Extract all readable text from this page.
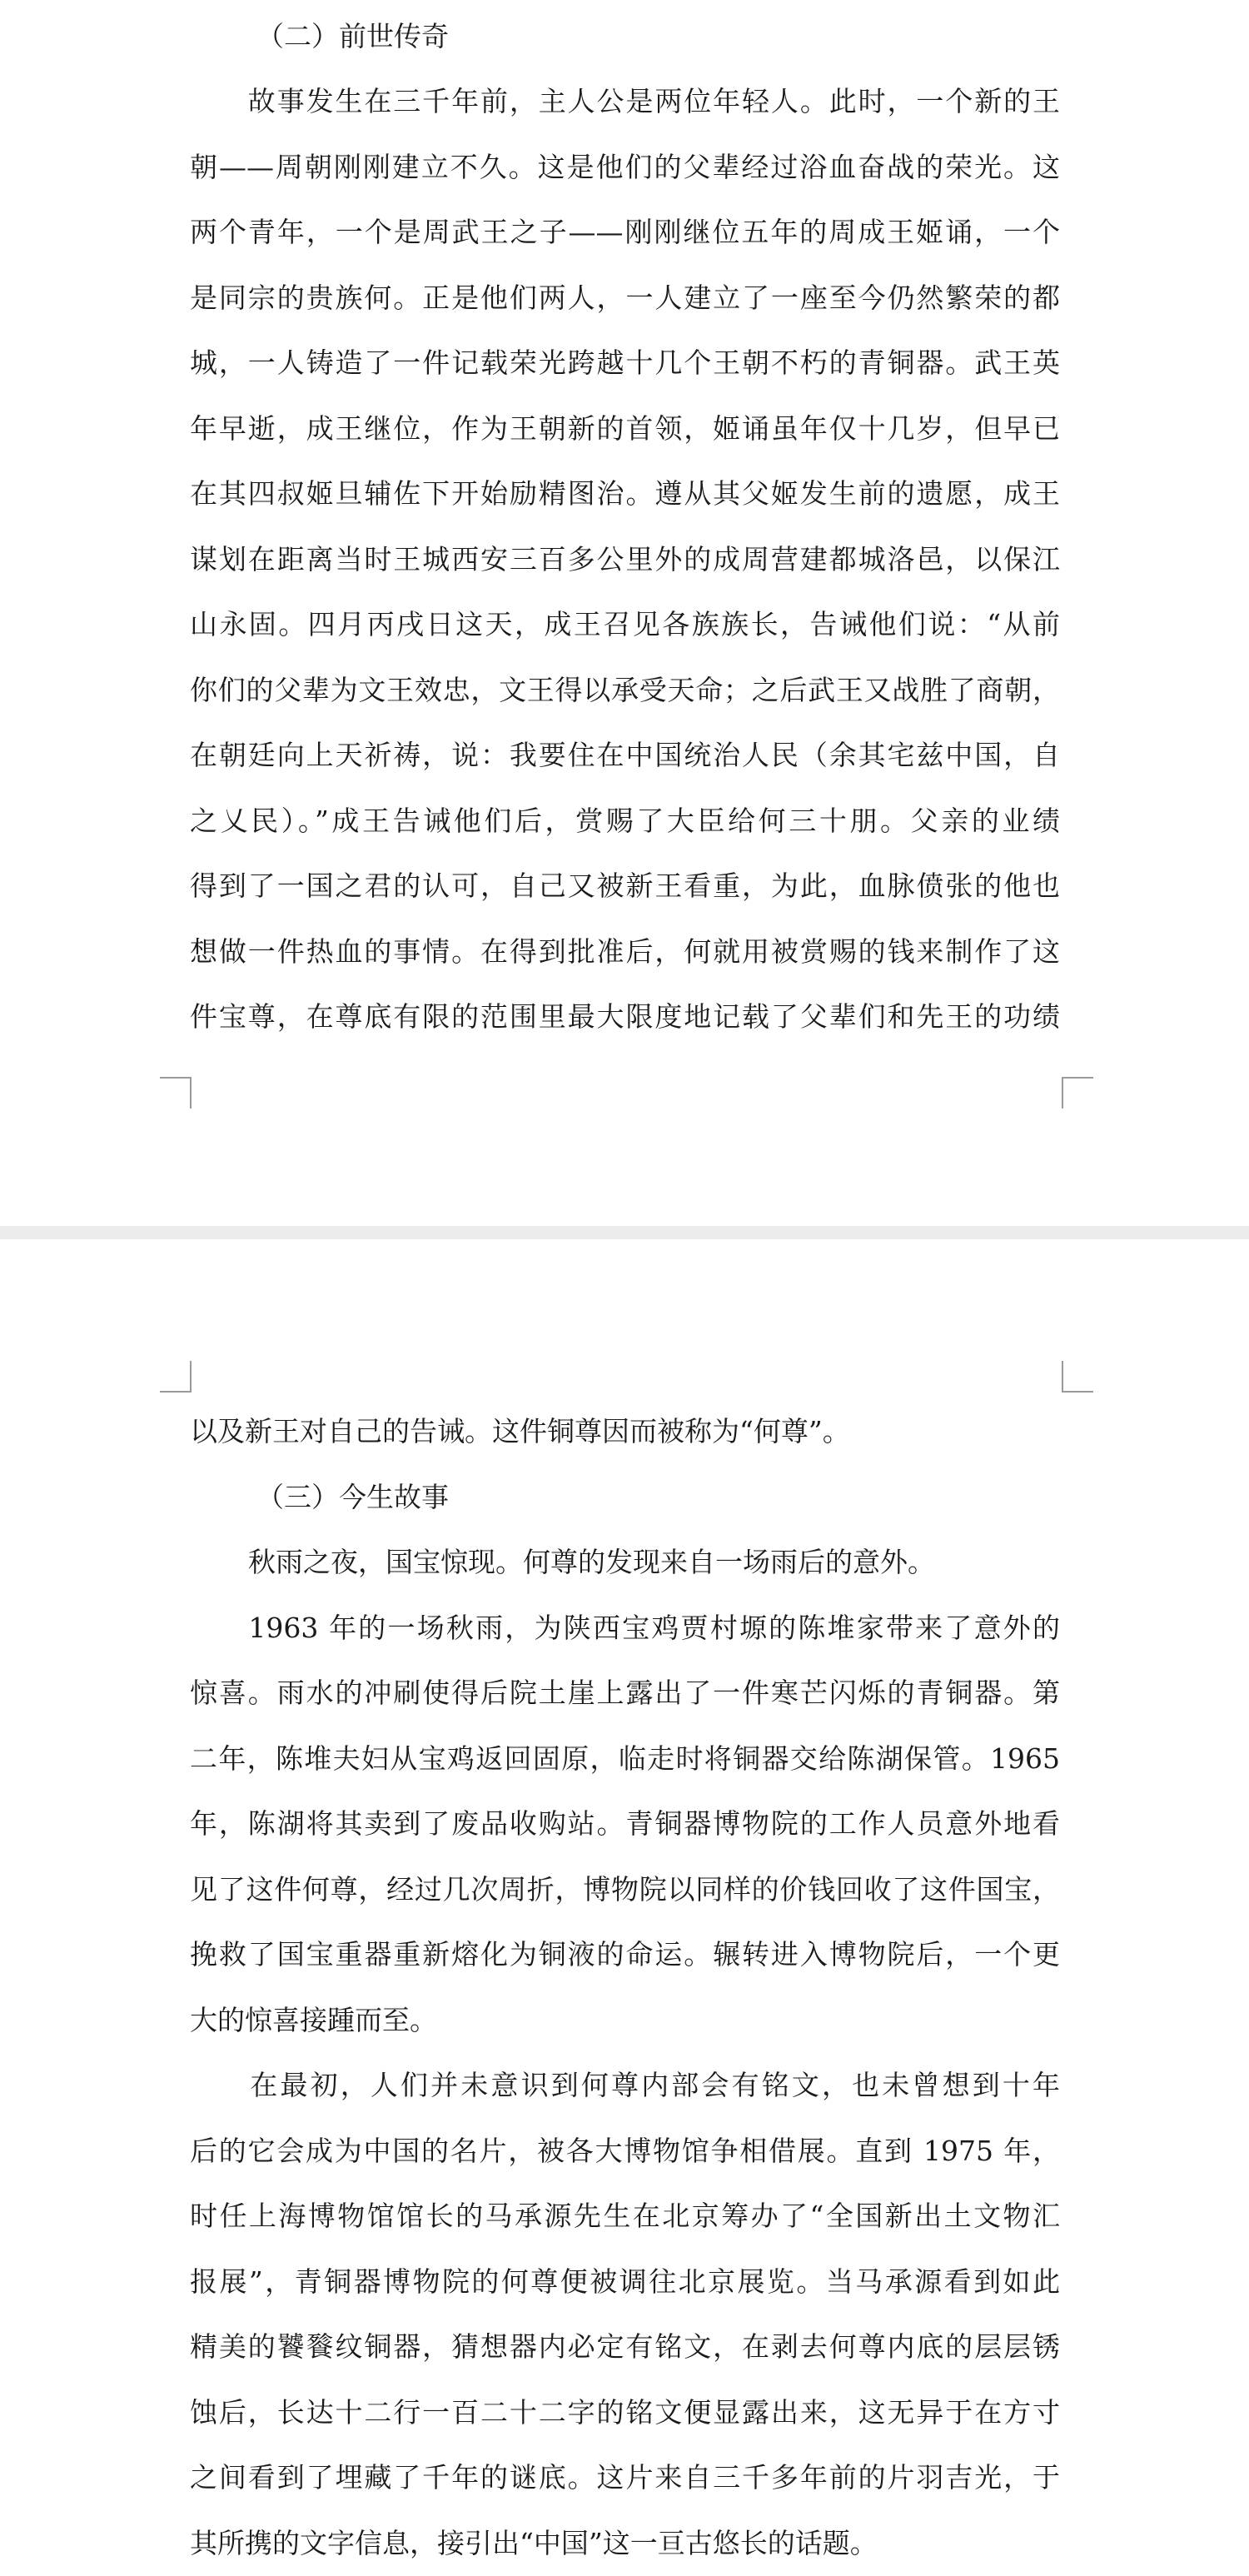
（二）前世传奇
　　故事发生在三千年前，主人公是两位年轻人。此时，一个新的王
朝——周朝刚刚建立不久。这是他们的父辈经过浴血奋战的荣光。这
两个青年，一个是周武王之子——刚刚继位五年的周成王姬诵，一个
是同宗的贵族何。正是他们两人，一人建立了一座至今仍然繁荣的都
城，一人铸造了一件记载荣光跨越十几个王朝不朽的青铜器。武王英
年早逝，成王继位，作为王朝新的首领，姬诵虽年仅十几岁，但早已
在其四叔姬旦辅佐下开始励精图治。遵从其父姬发生前的遗愿，成王
谋划在距离当时王城西安三百多公里外的成周营建都城洛邑，以保江
山永固。四月丙戌日这天，成王召见各族族长，告诫他们说：“从前
你们的父辈为文王效忠，文王得以承受天命；之后武王又战胜了商朝，
在朝廷向上天祈祷，说：我要住在中国统治人民（余其宅兹中国，自
之乂民）。”成王告诫他们后，赏赐了大臣给何三十朋。父亲的业绩
得到了一国之君的认可，自己又被新王看重，为此，血脉偾张的他也
想做一件热血的事情。在得到批准后，何就用被赏赐的钱来制作了这
件宝尊，在尊底有限的范围里最大限度地记载了父辈们和先王的功绩
以及新王对自己的告诫。这件铜尊因而被称为“何尊”。
（三）今生故事
秋雨之夜，国宝惊现。何尊的发现来自一场雨后的意外。
　　1963 年的一场秋雨，为陕西宝鸡贾村塬的陈堆家带来了意外的
惊喜。雨水的冲刷使得后院土崖上露出了一件寒芒闪烁的青铜器。第
二年，陈堆夫妇从宝鸡返回固原，临走时将铜器交给陈湖保管。1965
年，陈湖将其卖到了废品收购站。青铜器博物院的工作人员意外地看
见了这件何尊，经过几次周折，博物院以同样的价钱回收了这件国宝，
挽救了国宝重器重新熔化为铜液的命运。辗转进入博物院后，一个更
大的惊喜接踵而至。
　　在最初，人们并未意识到何尊内部会有铭文，也未曾想到十年
后的它会成为中国的名片，被各大博物馆争相借展。直到 1975 年，
时任上海博物馆馆长的马承源先生在北京筹办了“全国新出土文物汇
报展”，青铜器博物院的何尊便被调往北京展览。当马承源看到如此
精美的饕餮纹铜器，猜想器内必定有铭文，在剥去何尊内底的层层锈
蚀后，长达十二行一百二十二字的铭文便显露出来，这无异于在方寸
之间看到了埋藏了千年的谜底。这片来自三千多年前的片羽吉光，于
其所携的文字信息，接引出“中国”这一亘古悠长的话题。
